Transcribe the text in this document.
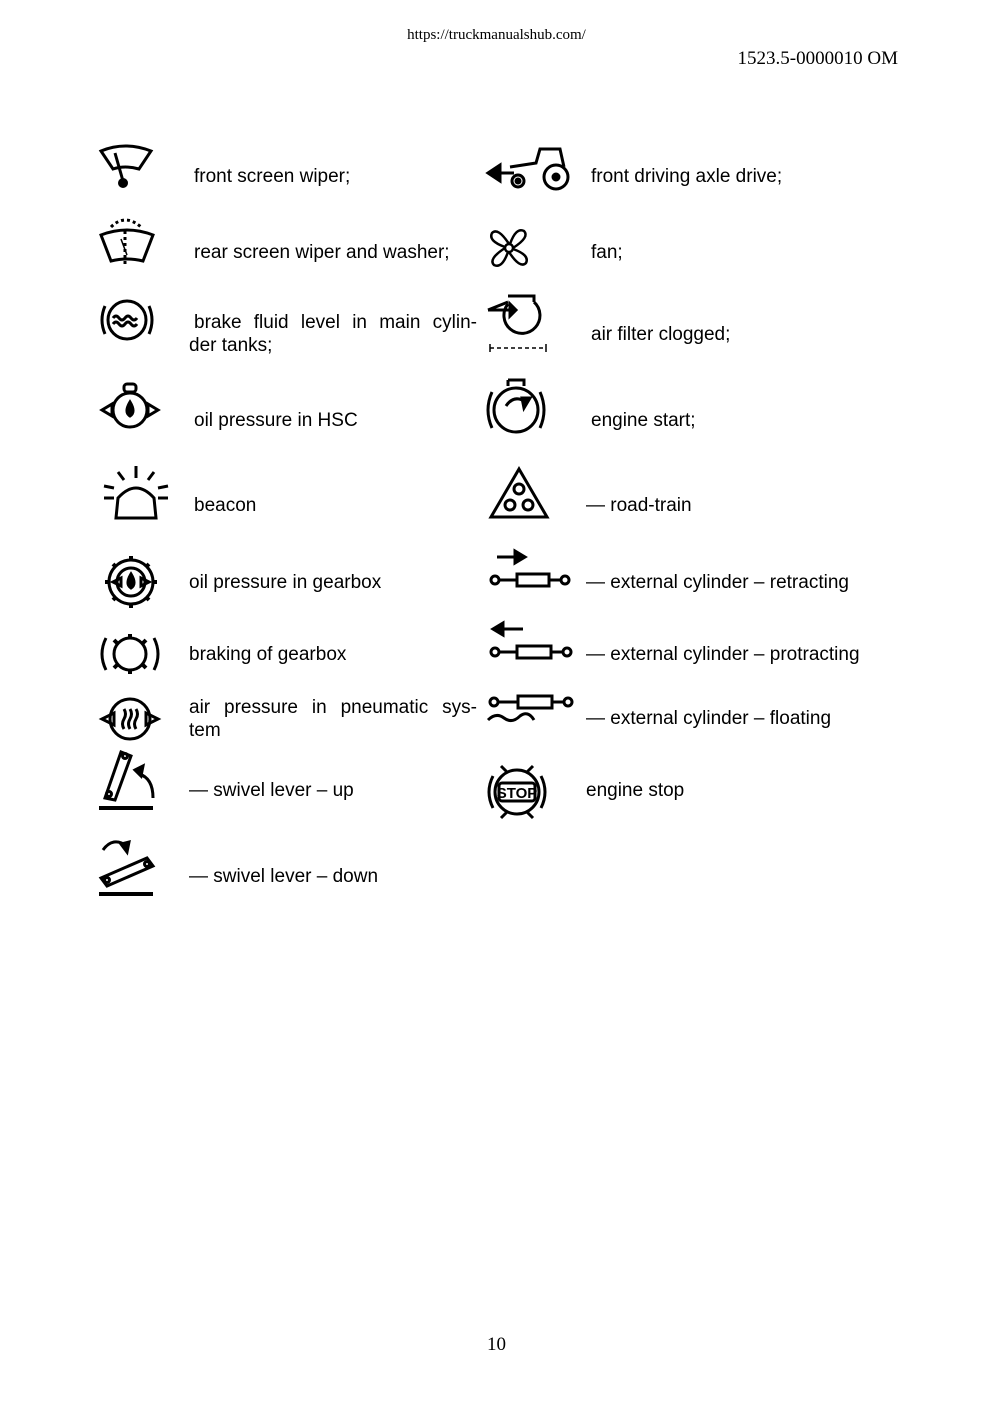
https://truckmanualshub.com/
1523.5-0000010 OM
front screen wiper;
rear screen wiper and washer;
brake fluid level in main cylin-
der tanks;
oil pressure in HSC
beacon
oil pressure in gearbox
braking of gearbox
air pressure in pneumatic sys-
tem
— swivel lever – up
— swivel lever – down
front driving axle drive;
fan;
air filter clogged;
engine start;
— road-train
— external cylinder – retracting
— external cylinder – protracting
— external cylinder – floating
STOP	engine stop
10
